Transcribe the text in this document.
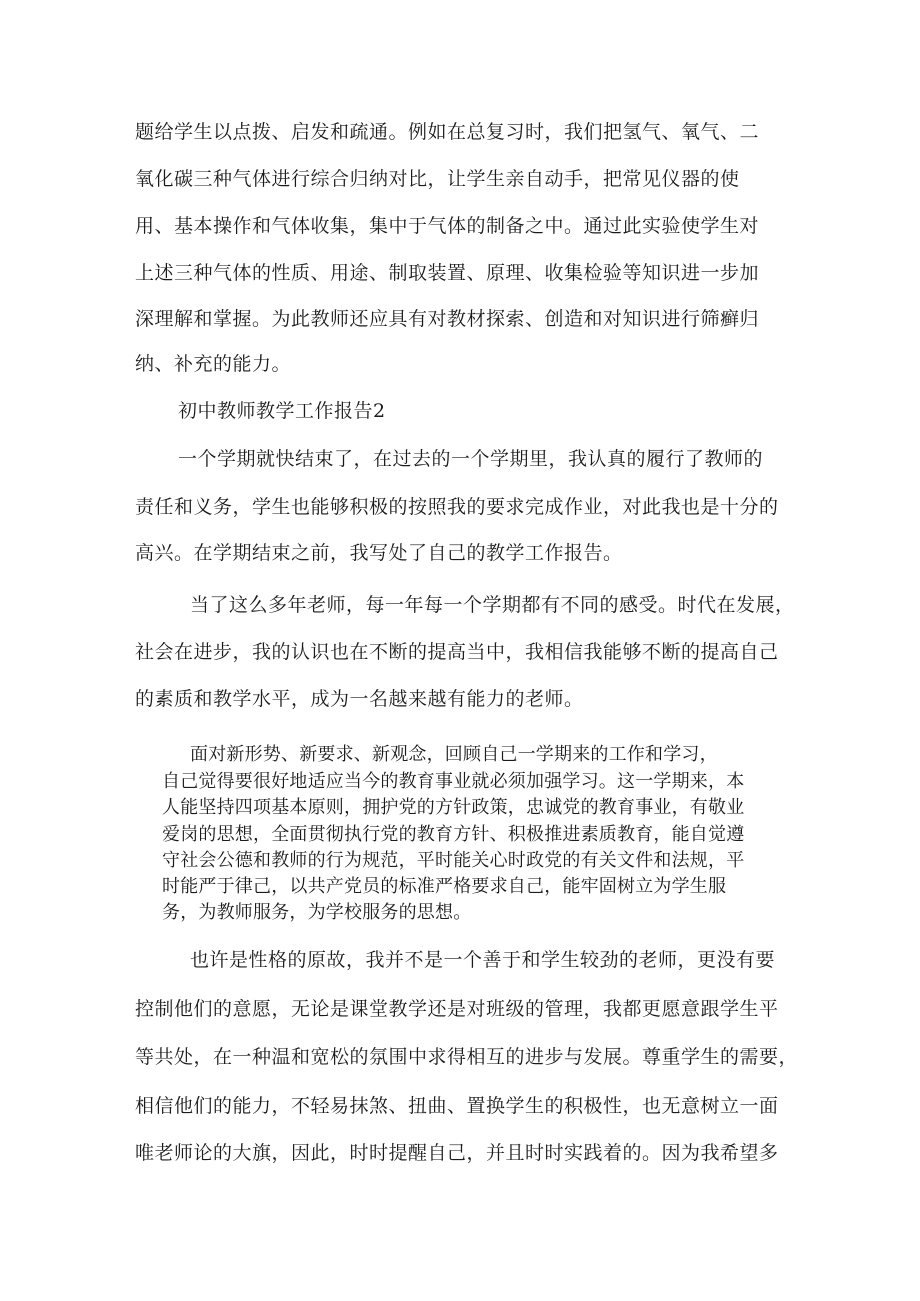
题给学生以点拨、启发和疏通。例如在总复习时，我们把氢气、氧气、二
氧化碳三种气体进行综合归纳对比，让学生亲自动手，把常见仪器的使
用、基本操作和气体收集，集中于气体的制备之中。通过此实验使学生对
上述三种气体的性质、用途、制取装置、原理、收集检验等知识进一步加
深理解和掌握。为此教师还应具有对教材探索、创造和对知识进行筛癣归
纳、补充的能力。
初中教师教学工作报告2
一个学期就快结束了，在过去的一个学期里，我认真的履行了教师的
责任和义务，学生也能够积极的按照我的要求完成作业，对此我也是十分的
高兴。在学期结束之前，我写处了自己的教学工作报告。
当了这么多年老师，每一年每一个学期都有不同的感受。时代在发展，
社会在进步，我的认识也在不断的提高当中，我相信我能够不断的提高自己
的素质和教学水平，成为一名越来越有能力的老师。
面对新形势、新要求、新观念，回顾自己一学期来的工作和学习，
自己觉得要很好地适应当今的教育事业就必须加强学习。这一学期来，本
人能坚持四项基本原则，拥护党的方针政策，忠诚党的教育事业，有敬业
爱岗的思想，全面贯彻执行党的教育方针、积极推进素质教育，能自觉遵
守社会公德和教师的行为规范，平时能关心时政党的有关文件和法规，平
时能严于律己，以共产党员的标准严格要求自己，能牢固树立为学生服
务，为教师服务，为学校服务的思想。
也许是性格的原故，我并不是一个善于和学生较劲的老师，更没有要
控制他们的意愿，无论是课堂教学还是对班级的管理，我都更愿意跟学生平
等共处，在一种温和宽松的氛围中求得相互的进步与发展。尊重学生的需要，
相信他们的能力，不轻易抹煞、扭曲、置换学生的积极性，也无意树立一面
唯老师论的大旗，因此，时时提醒自己，并且时时实践着的。因为我希望多
